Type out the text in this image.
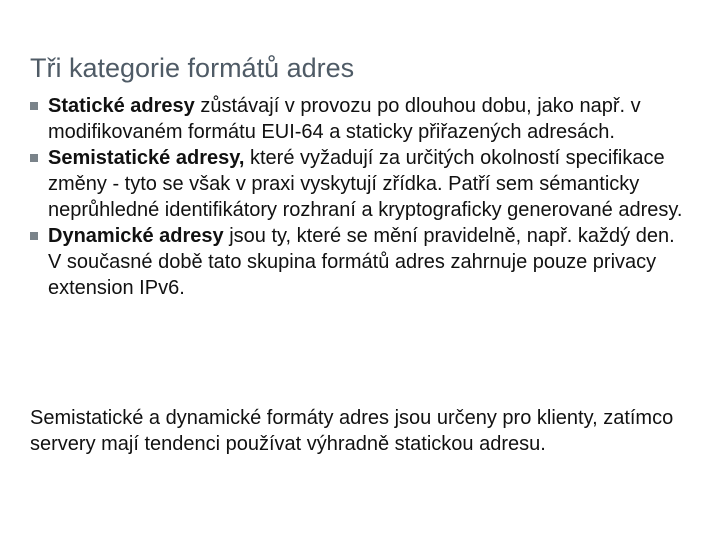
Tři kategorie formátů adres
Statické adresy zůstávají v provozu po dlouhou dobu, jako např. v modifikovaném formátu EUI-64 a staticky přiřazených adresách.
Semistatické adresy, které vyžadují za určitých okolností specifikace změny - tyto se však v praxi vyskytují zřídka. Patří sem sémanticky neprůhledné identifikátory rozhraní a kryptograficky generované adresy.
Dynamické adresy jsou ty, které se mění pravidelně, např. každý den. V současné době tato skupina formátů adres zahrnuje pouze privacy extension IPv6.

Semistatické a dynamické formáty adres jsou určeny pro klienty, zatímco servery mají tendenci používat výhradně statickou adresu.
